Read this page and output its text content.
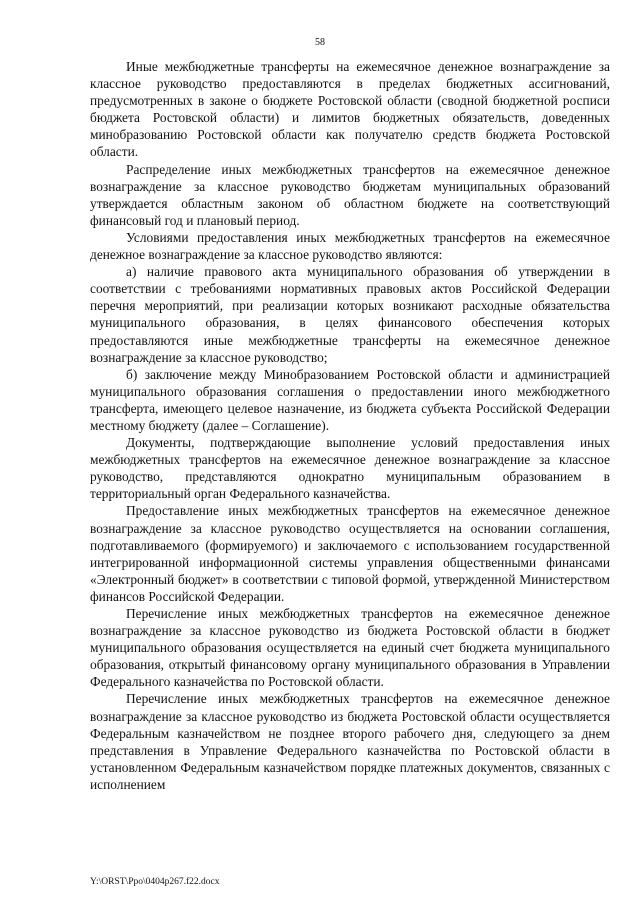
58

Иные межбюджетные трансферты на ежемесячное денежное вознаграждение за классное руководство предоставляются в пределах бюджетных ассигнований, предусмотренных в законе о бюджете Ростовской области (сводной бюджетной росписи бюджета Ростовской области) и лимитов бюджетных обязательств, доведенных минобразованию Ростовской области как получателю средств бюджета Ростовской области.

Распределение иных межбюджетных трансфертов на ежемесячное денежное вознаграждение за классное руководство бюджетам муниципальных образований утверждается областным законом об областном бюджете на соответствующий финансовый год и плановый период.

Условиями предоставления иных межбюджетных трансфертов на ежемесячное денежное вознаграждение за классное руководство являются:

а) наличие правового акта муниципального образования об утверждении в соответствии с требованиями нормативных правовых актов Российской Федерации перечня мероприятий, при реализации которых возникают расходные обязательства муниципального образования, в целях финансового обеспечения которых предоставляются иные межбюджетные трансферты на ежемесячное денежное вознаграждение за классное руководство;

б) заключение между Минобразованием Ростовской области и администрацией муниципального образования соглашения о предоставлении иного межбюджетного трансферта, имеющего целевое назначение, из бюджета субъекта Российской Федерации местному бюджету (далее – Соглашение).

Документы, подтверждающие выполнение условий предоставления иных межбюджетных трансфертов на ежемесячное денежное вознаграждение за классное руководство, представляются однократно муниципальным образованием в территориальный орган Федерального казначейства.

Предоставление иных межбюджетных трансфертов на ежемесячное денежное вознаграждение за классное руководство осуществляется на основании соглашения, подготавливаемого (формируемого) и заключаемого с использованием государственной интегрированной информационной системы управления общественными финансами «Электронный бюджет» в соответствии с типовой формой, утвержденной Министерством финансов Российской Федерации.

Перечисление иных межбюджетных трансфертов на ежемесячное денежное вознаграждение за классное руководство из бюджета Ростовской области в бюджет муниципального образования осуществляется на единый счет бюджета муниципального образования, открытый финансовому органу муниципального образования в Управлении Федерального казначейства по Ростовской области.

Перечисление иных межбюджетных трансфертов на ежемесячное денежное вознаграждение за классное руководство из бюджета Ростовской области осуществляется Федеральным казначейством не позднее второго рабочего дня, следующего за днем представления в Управление Федерального казначейства по Ростовской области в установленном Федеральным казначейством порядке платежных документов, связанных с исполнением

Y:\ORST\Ppo\0404p267.f22.docx
